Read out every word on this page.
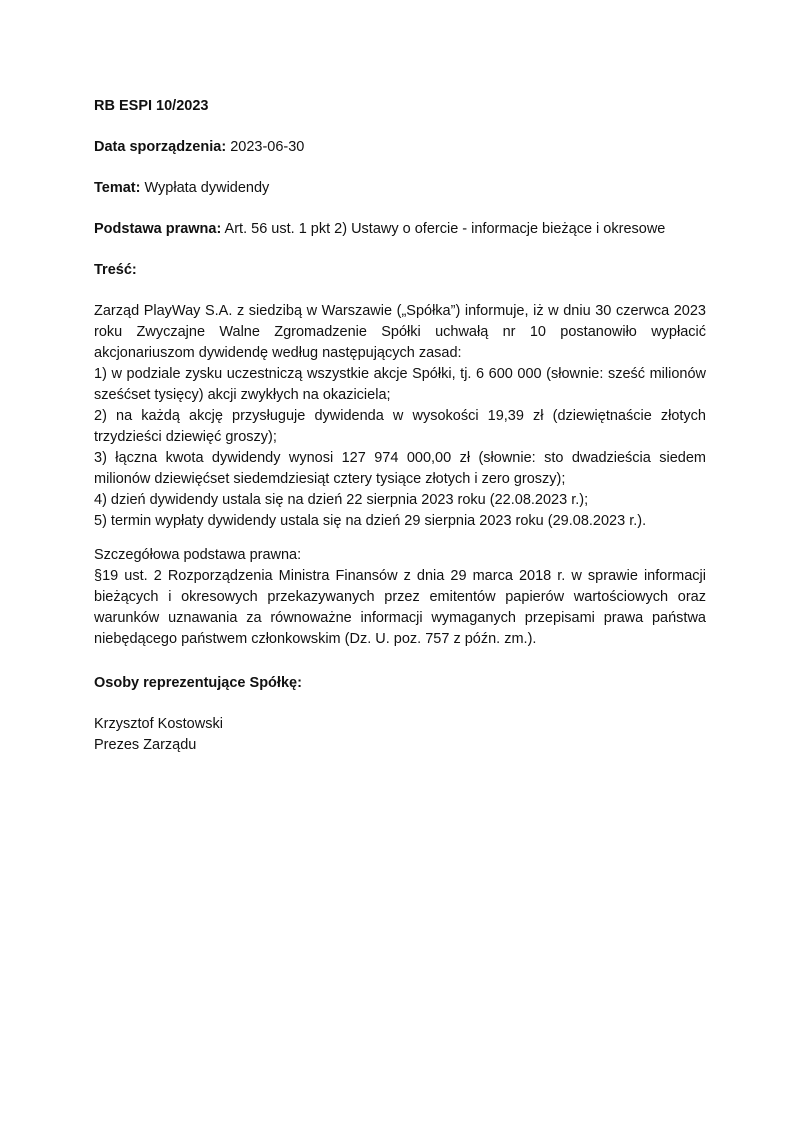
RB ESPI 10/2023

Data sporządzenia: 2023-06-30

Temat: Wypłata dywidendy

Podstawa prawna: Art. 56 ust. 1 pkt 2) Ustawy o ofercie - informacje bieżące i okresowe

Treść:

Zarząd PlayWay S.A. z siedzibą w Warszawie („Spółka”) informuje, iż w dniu 30 czerwca 2023 roku Zwyczajne Walne Zgromadzenie Spółki uchwałą nr 10 postanowiło wypłacić akcjonariuszom dywidendę według następujących zasad:
1) w podziale zysku uczestniczą wszystkie akcje Spółki, tj. 6 600 000 (słownie: sześć milionów sześćset tysięcy) akcji zwykłych na okaziciela;
2) na każdą akcję przysługuje dywidenda w wysokości 19,39 zł (dziewiętnaście złotych trzydzieści dziewięć groszy);
3) łączna kwota dywidendy wynosi 127 974 000,00 zł (słownie: sto dwadzieścia siedem milionów dziewięćset siedemdziesiąt cztery tysiące złotych i zero groszy);
4) dzień dywidendy ustala się na dzień 22 sierpnia 2023 roku (22.08.2023 r.);
5) termin wypłaty dywidendy ustala się na dzień 29 sierpnia 2023 roku (29.08.2023 r.).
Szczegółowa podstawa prawna:
§19 ust. 2 Rozporządzenia Ministra Finansów z dnia 29 marca 2018 r. w sprawie informacji bieżących i okresowych przekazywanych przez emitentów papierów wartościowych oraz warunków uznawania za równoważne informacji wymaganych przepisami prawa państwa niebędącego państwem członkowskim (Dz. U. poz. 757 z późn. zm.).

Osoby reprezentujące Spółkę:

Krzysztof Kostowski
Prezes Zarządu
